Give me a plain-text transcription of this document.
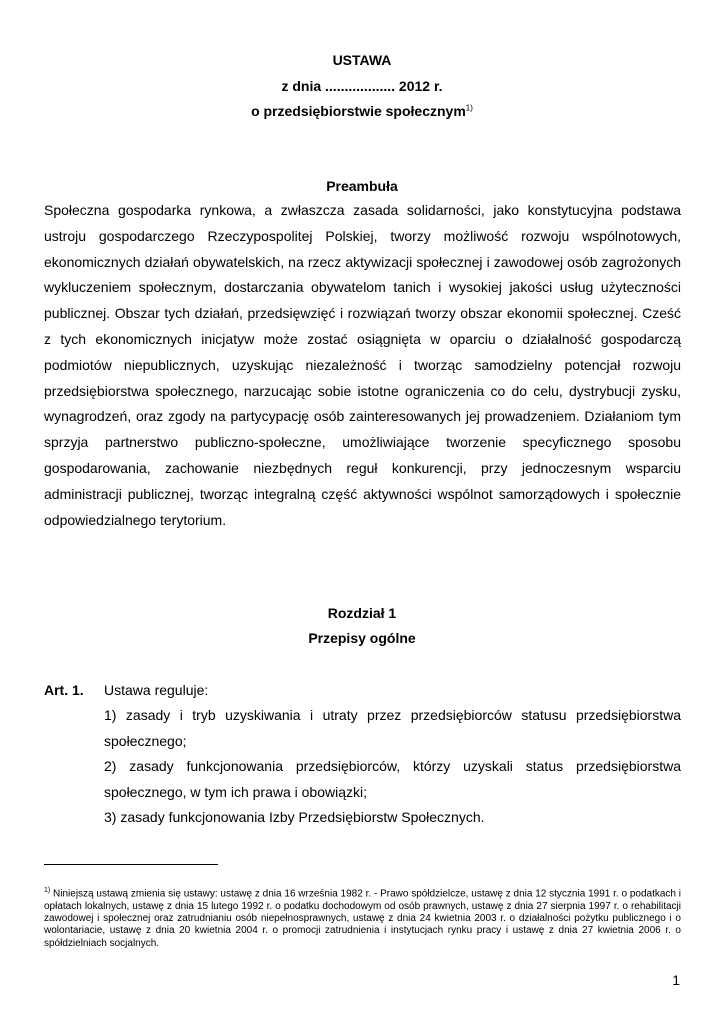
USTAWA
z dnia .................. 2012 r.
o przedsiębiorstwie społecznym$^{1)}$
Preambuła
Społeczna gospodarka rynkowa, a zwłaszcza zasada solidarności, jako konstytucyjna podstawa ustroju gospodarczego Rzeczypospolitej Polskiej, tworzy możliwość rozwoju wspólnotowych, ekonomicznych działań obywatelskich, na rzecz aktywizacji społecznej i zawodowej osób zagrożonych wykluczeniem społecznym, dostarczania obywatelom tanich i wysokiej jakości usług użyteczności publicznej. Obszar tych działań, przedsięwzięć i rozwiązań tworzy obszar ekonomii społecznej. Cześć z tych ekonomicznych inicjatyw może zostać osiągnięta w oparciu o działalność gospodarczą podmiotów niepublicznych, uzyskując niezależność i tworząc samodzielny potencjał rozwoju przedsiębiorstwa społecznego, narzucając sobie istotne ograniczenia co do celu, dystrybucji zysku, wynagrodzeń, oraz zgody na partycypację osób zainteresowanych jej prowadzeniem. Działaniom tym sprzyja partnerstwo publiczno-społeczne, umożliwiające tworzenie specyficznego sposobu gospodarowania, zachowanie niezbędnych reguł konkurencji, przy jednoczesnym wsparciu administracji publicznej, tworząc integralną część aktywności wspólnot samorządowych i społecznie odpowiedzialnego terytorium.
Rozdział 1
Przepisy ogólne
Art. 1. Ustawa reguluje:
1) zasady i tryb uzyskiwania i utraty przez przedsiębiorców statusu przedsiębiorstwa społecznego;
2) zasady funkcjonowania przedsiębiorców, którzy uzyskali status przedsiębiorstwa społecznego, w tym ich prawa i obowiązki;
3) zasady funkcjonowania Izby Przedsiębiorstw Społecznych.
$^{1)}$ Niniejszą ustawą zmienia się ustawy: ustawę z dnia 16 września 1982 r. - Prawo spółdzielcze, ustawę z dnia 12 stycznia 1991 r. o podatkach i opłatach lokalnych, ustawę z dnia 15 lutego 1992 r. o podatku dochodowym od osób prawnych, ustawę z dnia 27 sierpnia 1997 r. o rehabilitacji zawodowej i społecznej oraz zatrudnianiu osób niepełnosprawnych, ustawę z dnia 24 kwietnia 2003 r. o działalności pożytku publicznego i o wolontariacie, ustawę z dnia 20 kwietnia 2004 r. o promocji zatrudnienia i instytucjach rynku pracy i ustawę z dnia 27 kwietnia 2006 r. o spółdzielniach socjalnych.
1
